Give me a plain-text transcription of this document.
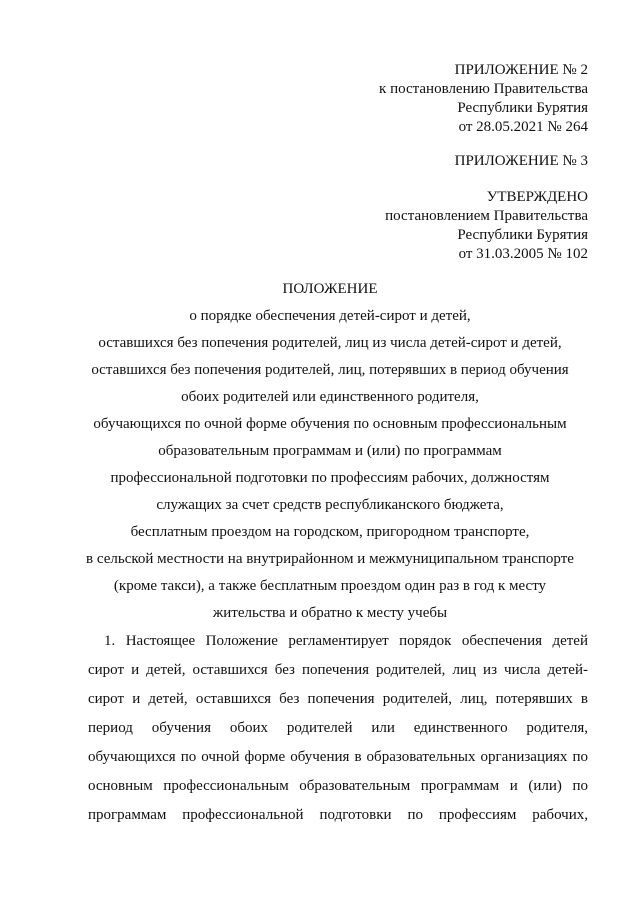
ПРИЛОЖЕНИЕ № 2
к постановлению Правительства
Республики Бурятия
от 28.05.2021 № 264
ПРИЛОЖЕНИЕ № 3
УТВЕРЖДЕНО
постановлением Правительства
Республики Бурятия
от 31.03.2005 № 102
ПОЛОЖЕНИЕ
о порядке обеспечения детей-сирот и детей,
оставшихся без попечения родителей, лиц из числа детей-сирот и детей,
оставшихся без попечения родителей, лиц, потерявших в период обучения
обоих родителей или единственного родителя,
обучающихся по очной форме обучения по основным профессиональным
образовательным программам и (или) по программам
профессиональной подготовки по профессиям рабочих, должностям
служащих за счет средств республиканского бюджета,
бесплатным проездом на городском, пригородном транспорте,
в сельской местности на внутрирайонном и межмуниципальном транспорте
(кроме такси), а также бесплатным проездом один раз в год к месту
жительства и обратно к месту учебы
1. Настоящее Положение регламентирует порядок обеспечения детей
сирот и детей, оставшихся без попечения родителей, лиц из числа детей-
сирот и детей, оставшихся без попечения родителей, лиц, потерявших в
период обучения обоих родителей или единственного родителя,
обучающихся по очной форме обучения в образовательных организациях по
основным профессиональным образовательным программам и (или) по
программам профессиональной подготовки по профессиям рабочих,
